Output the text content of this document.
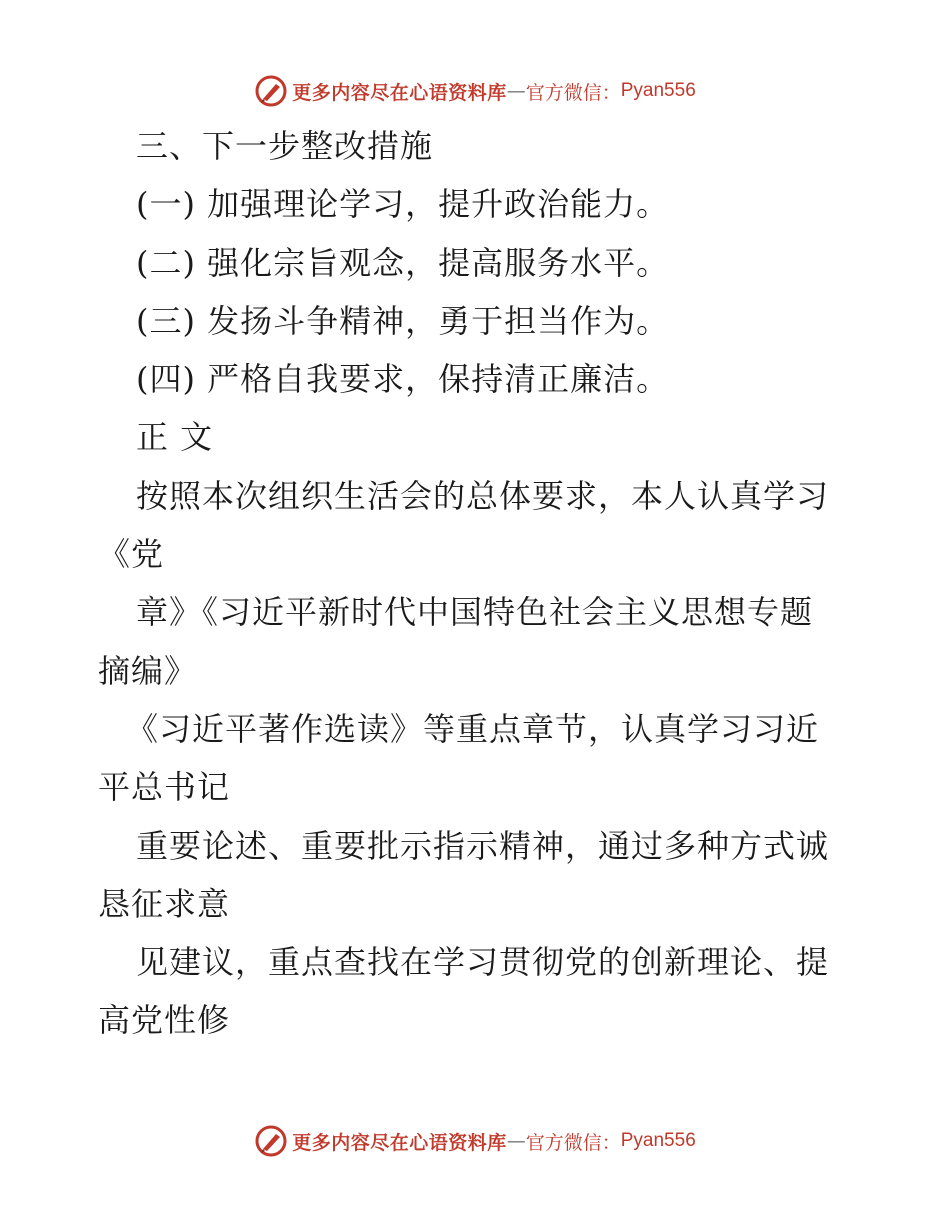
更多内容尽在心语资料库 — 官方微信： Pyan556
三、下一步整改措施
(一) 加强理论学习，提升政治能力。
(二) 强化宗旨观念，提高服务水平。
(三) 发扬斗争精神，勇于担当作为。
(四) 严格自我要求，保持清正廉洁。
正 文
按照本次组织生活会的总体要求，本人认真学习
《党
章》《习近平新时代中国特色社会主义思想专题
摘编》
《习近平著作选读》等重点章节，认真学习习近
平总书记
重要论述、重要批示指示精神，通过多种方式诚
恳征求意
见建议，重点查找在学习贯彻党的创新理论、提
高党性修
更多内容尽在心语资料库 — 官方微信： Pyan556
